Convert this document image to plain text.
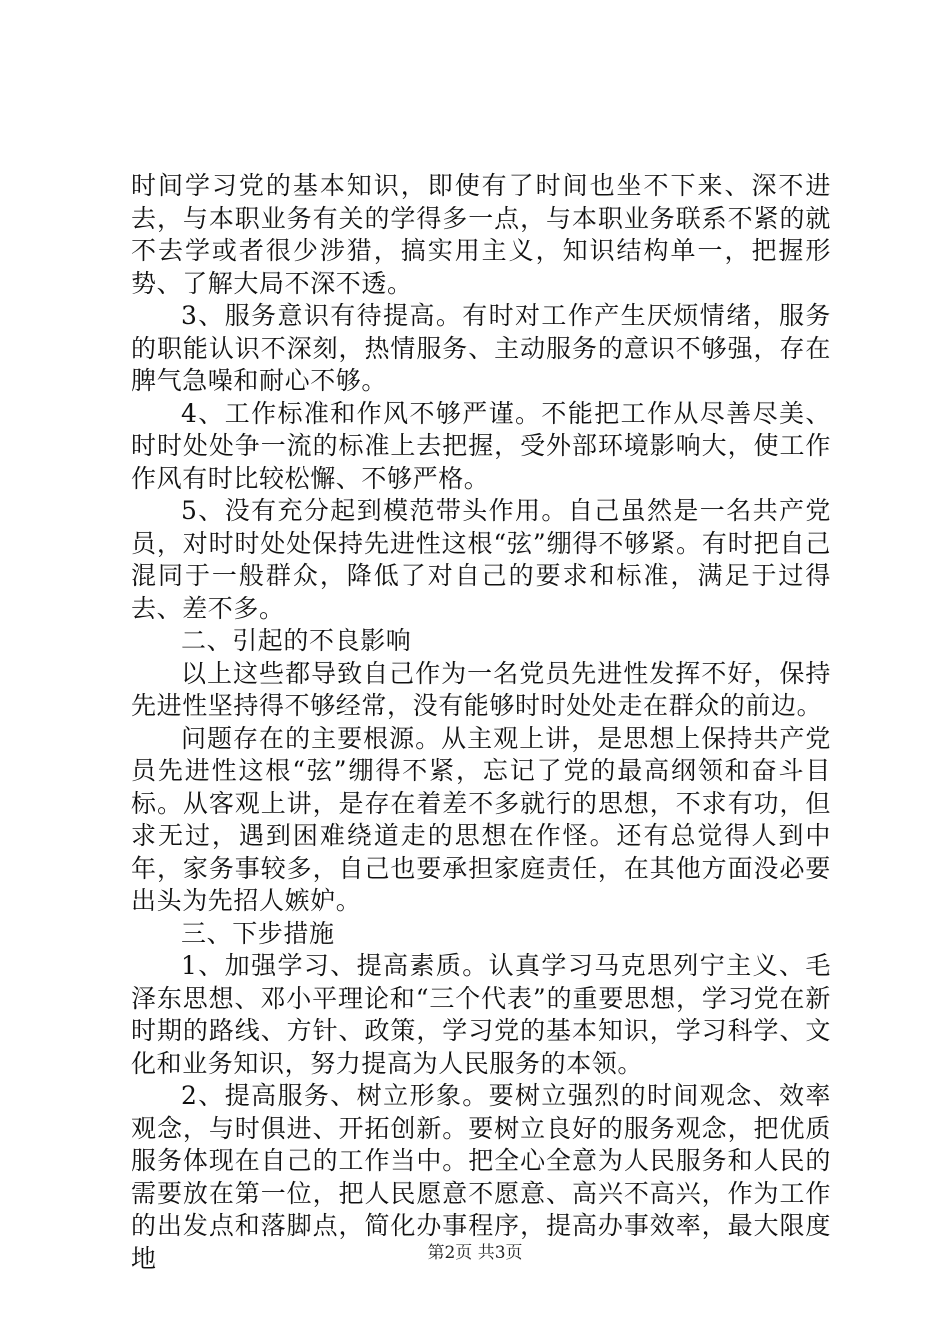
时间学习党的基本知识，即使有了时间也坐不下来、深不进去，与本职业务有关的学得多一点，与本职业务联系不紧的就不去学或者很少涉猎，搞实用主义，知识结构单一，把握形势、了解大局不深不透。

3、服务意识有待提高。有时对工作产生厌烦情绪，服务的职能认识不深刻，热情服务、主动服务的意识不够强，存在脾气急噪和耐心不够。

4、工作标准和作风不够严谨。不能把工作从尽善尽美、时时处处争一流的标准上去把握，受外部环境影响大，使工作作风有时比较松懈、不够严格。

5、没有充分起到模范带头作用。自己虽然是一名共产党员，对时时处处保持先进性这根“弦”绷得不够紧。有时把自己混同于一般群众，降低了对自己的要求和标准，满足于过得去、差不多。

二、引起的不良影响

以上这些都导致自己作为一名党员先进性发挥不好，保持先进性坚持得不够经常，没有能够时时处处走在群众的前边。

问题存在的主要根源。从主观上讲，是思想上保持共产党员先进性这根“弦”绷得不紧，忘记了党的最高纲领和奋斗目标。从客观上讲，是存在着差不多就行的思想，不求有功，但求无过，遇到困难绕道走的思想在作怪。还有总觉得人到中年，家务事较多，自己也要承担家庭责任，在其他方面没必要出头为先招人嫉妒。

三、下步措施

1、加强学习、提高素质。认真学习马克思列宁主义、毛泽东思想、邓小平理论和“三个代表”的重要思想，学习党在新时期的路线、方针、政策，学习党的基本知识，学习科学、文化和业务知识，努力提高为人民服务的本领。

2、提高服务、树立形象。要树立强烈的时间观念、效率观念，与时俱进、开拓创新。要树立良好的服务观念，把优质服务体现在自己的工作当中。把全心全意为人民服务和人民的需要放在第一位，把人民愿意不愿意、高兴不高兴，作为工作的出发点和落脚点，简化办事程序，提高办事效率，最大限度地	第2页 共3页
